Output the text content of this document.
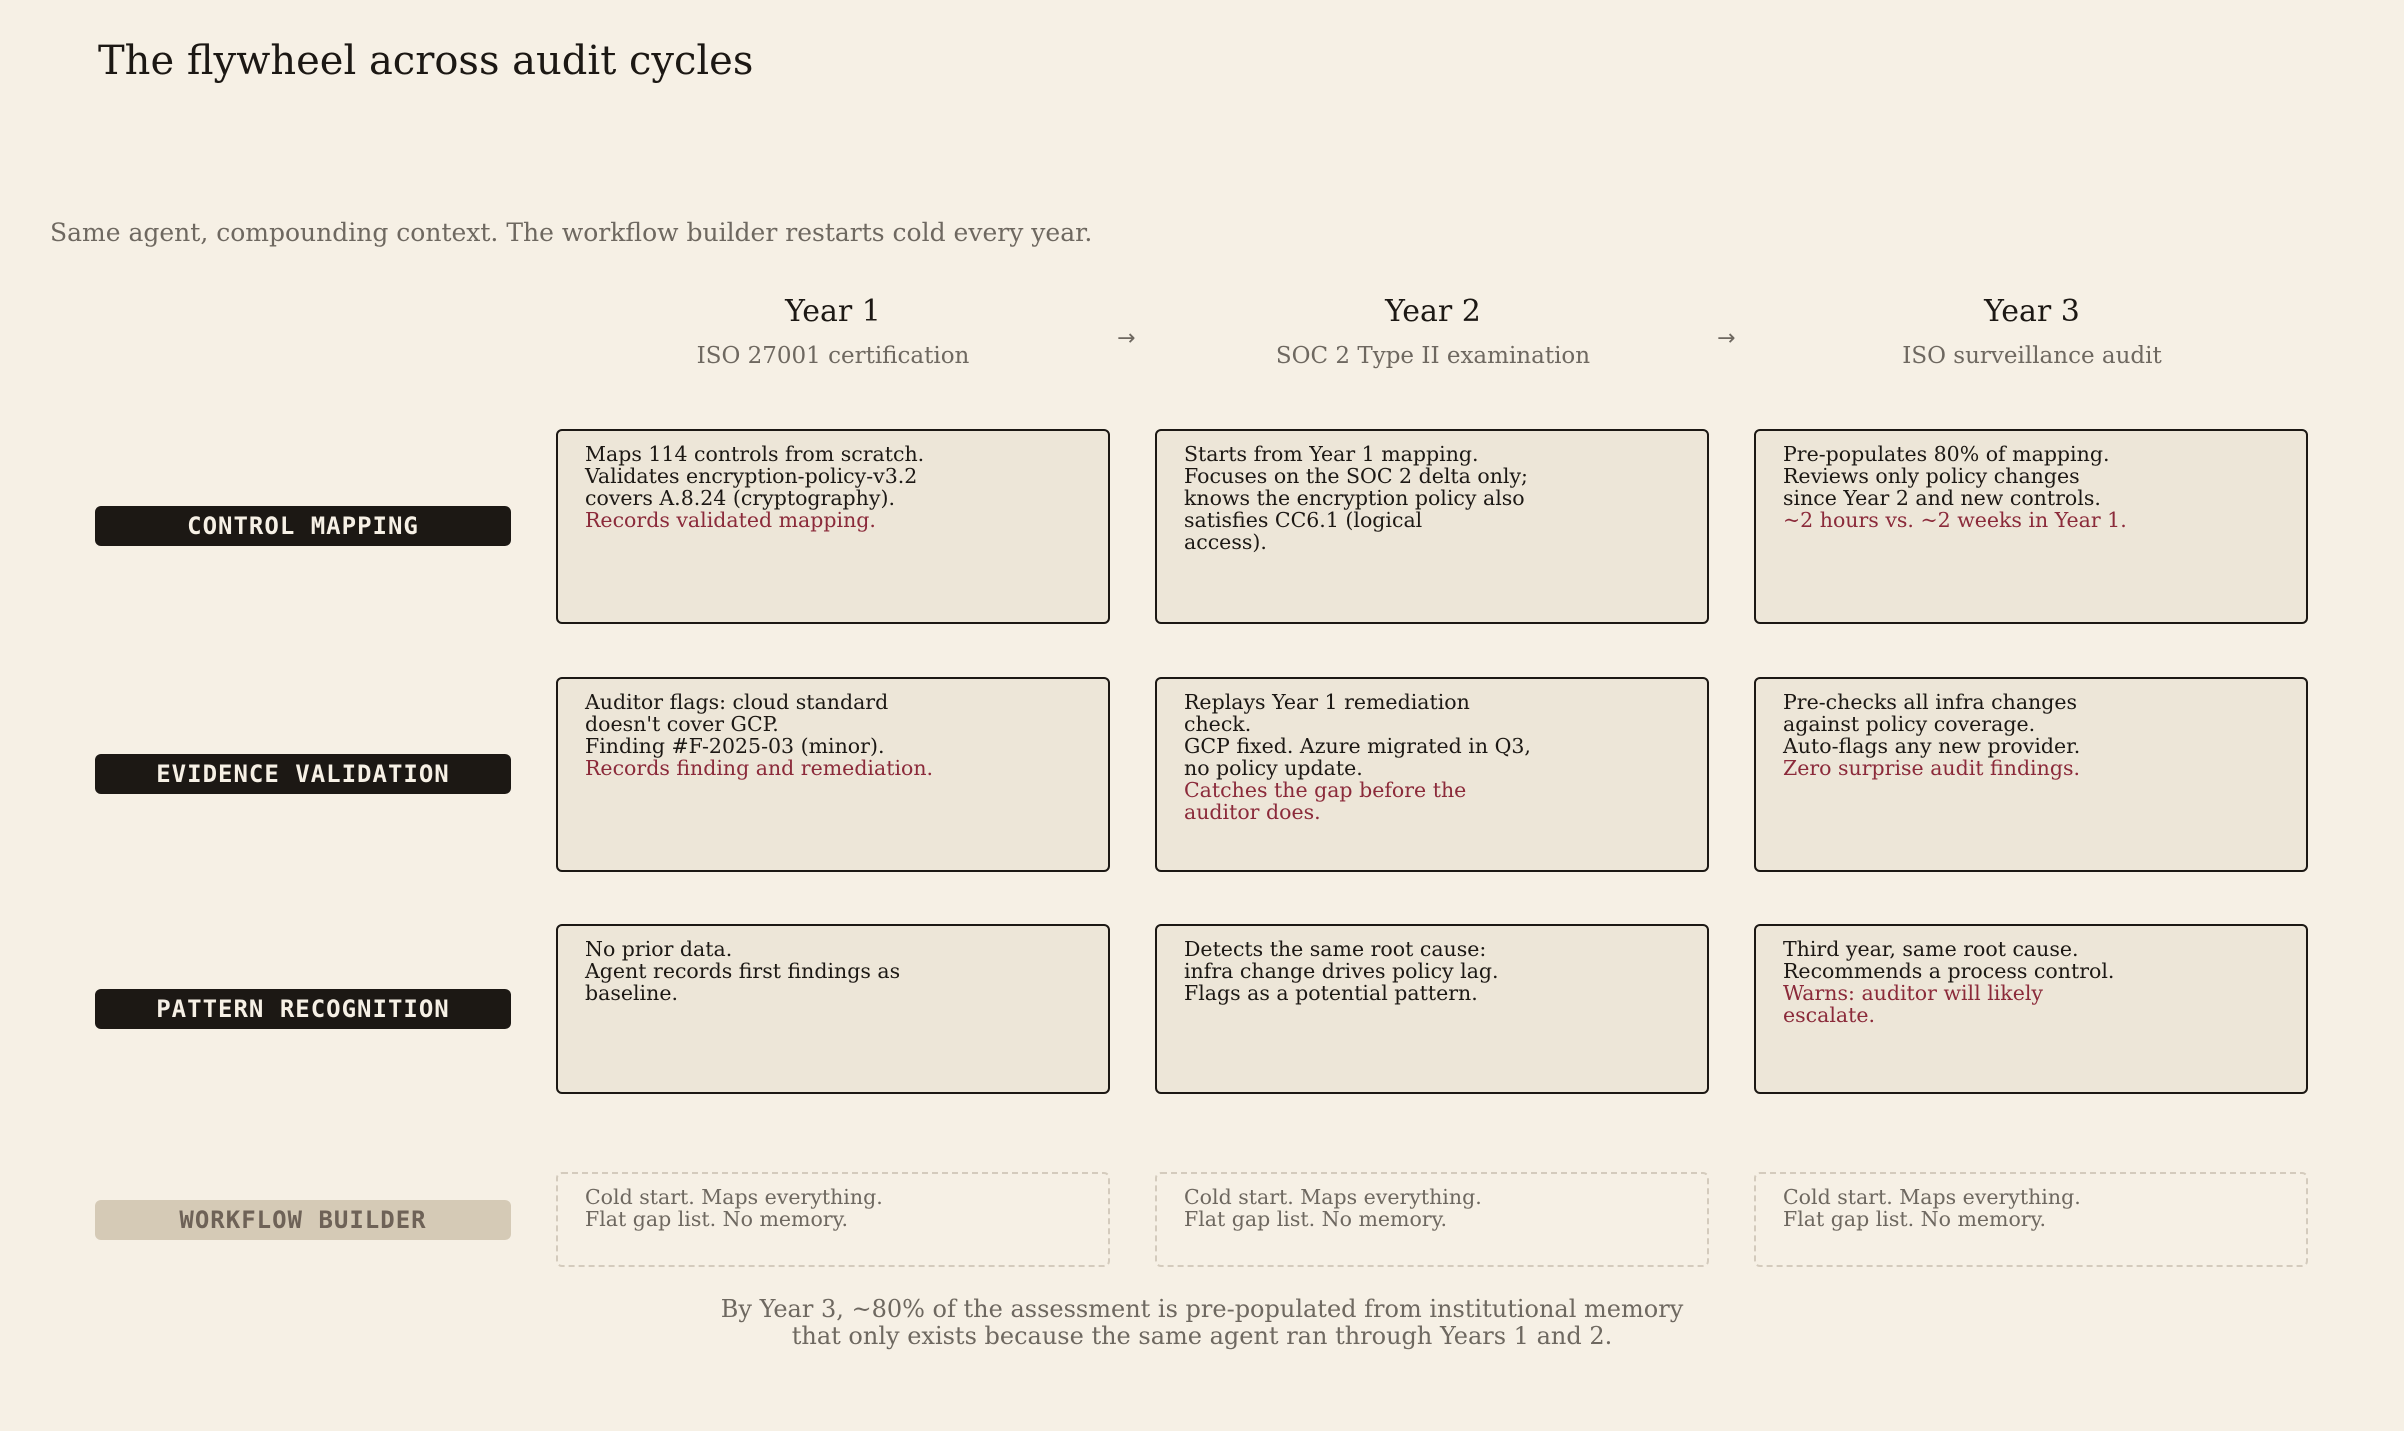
The flywheel across audit cycles
Same agent, compounding context. The workflow builder restarts cold every year.
Year 1
ISO 27001 certification
Year 2
SOC 2 Type II examination
Year 3
ISO surveillance audit
→	→
CONTROL MAPPING
Maps 114 controls from scratch.
Validates encryption-policy-v3.2
covers A.8.24 (cryptography).
Records validated mapping.
Starts from Year 1 mapping.
Focuses on the SOC 2 delta only;
knows the encryption policy also
satisfies CC6.1 (logical
access).
Pre-populates 80% of mapping.
Reviews only policy changes
since Year 2 and new controls.
~2 hours vs. ~2 weeks in Year 1.
EVIDENCE VALIDATION
Auditor flags: cloud standard
doesn't cover GCP.
Finding #F-2025-03 (minor).
Records finding and remediation.
Replays Year 1 remediation
check.
GCP fixed. Azure migrated in Q3,
no policy update.
Catches the gap before the
auditor does.
Pre-checks all infra changes
against policy coverage.
Auto-flags any new provider.
Zero surprise audit findings.
PATTERN RECOGNITION
No prior data.
Agent records first findings as
baseline.
Detects the same root cause:
infra change drives policy lag.
Flags as a potential pattern.
Third year, same root cause.
Recommends a process control.
Warns: auditor will likely
escalate.
WORKFLOW BUILDER
Cold start. Maps everything.
Flat gap list. No memory.
Cold start. Maps everything.
Flat gap list. No memory.
Cold start. Maps everything.
Flat gap list. No memory.
By Year 3, ~80% of the assessment is pre-populated from institutional memory
that only exists because the same agent ran through Years 1 and 2.
